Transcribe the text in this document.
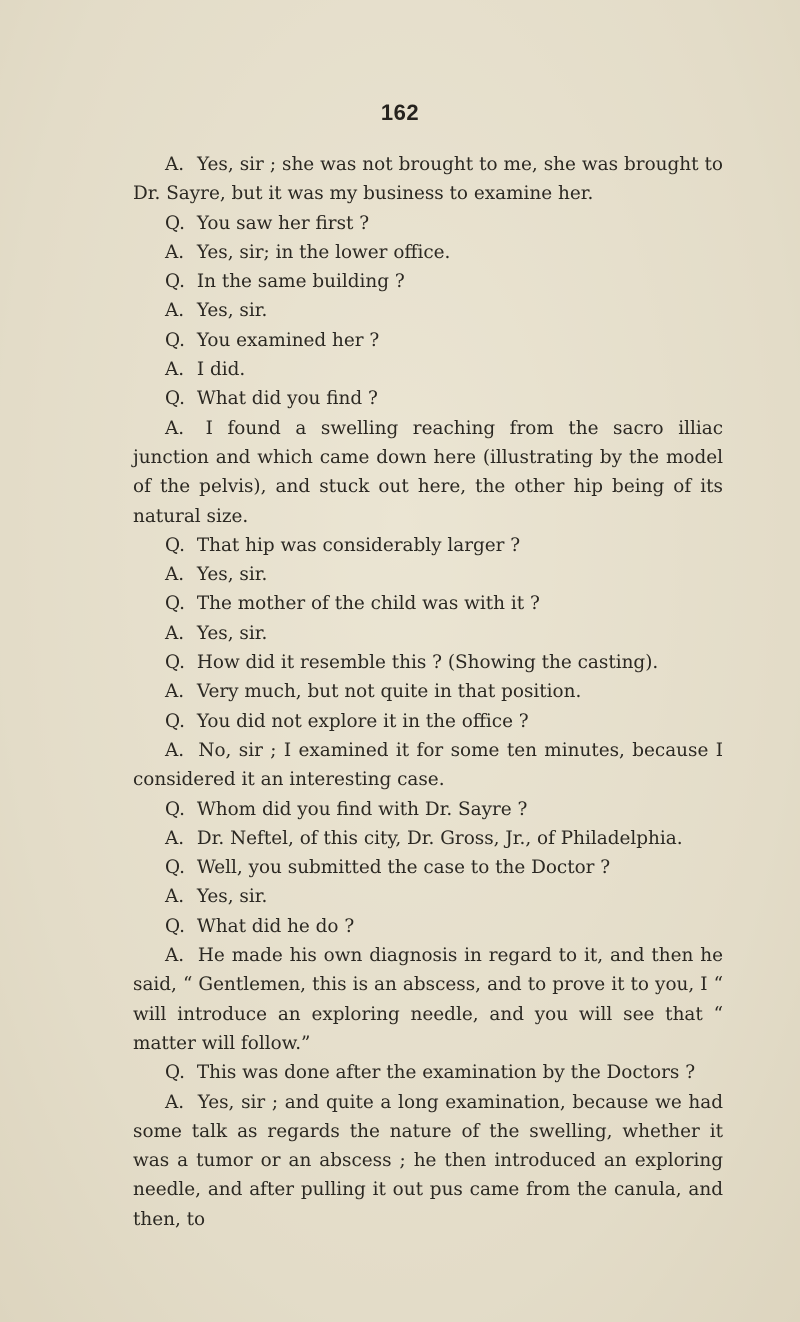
162

A. Yes, sir ; she was not brought to me, she was brought to Dr. Sayre, but it was my business to examine her.

Q. You saw her first ?

A. Yes, sir; in the lower office.

Q. In the same building ?

A. Yes, sir.

Q. You examined her ?

A. I did.

Q. What did you find ?

A. I found a swelling reaching from the sacro illiac junction and which came down here (illustrating by the model of the pelvis), and stuck out here, the other hip being of its natural size.

Q. That hip was considerably larger ?

A. Yes, sir.

Q. The mother of the child was with it ?

A. Yes, sir.

Q. How did it resemble this ? (Showing the casting).

A. Very much, but not quite in that position.

Q. You did not explore it in the office ?

A. No, sir ; I examined it for some ten minutes, because I considered it an interesting case.

Q. Whom did you find with Dr. Sayre ?

A. Dr. Neftel, of this city, Dr. Gross, Jr., of Philadelphia.

Q. Well, you submitted the case to the Doctor ?

A. Yes, sir.

Q. What did he do ?

A. He made his own diagnosis in regard to it, and then he said, “ Gentlemen, this is an abscess, and to prove it to you, I “ will introduce an exploring needle, and you will see that “ matter will follow.”

Q. This was done after the examination by the Doctors ?

A. Yes, sir ; and quite a long examination, because we had some talk as regards the nature of the swelling, whether it was a tumor or an abscess ; he then introduced an exploring needle, and after pulling it out pus came from the canula, and then, to
